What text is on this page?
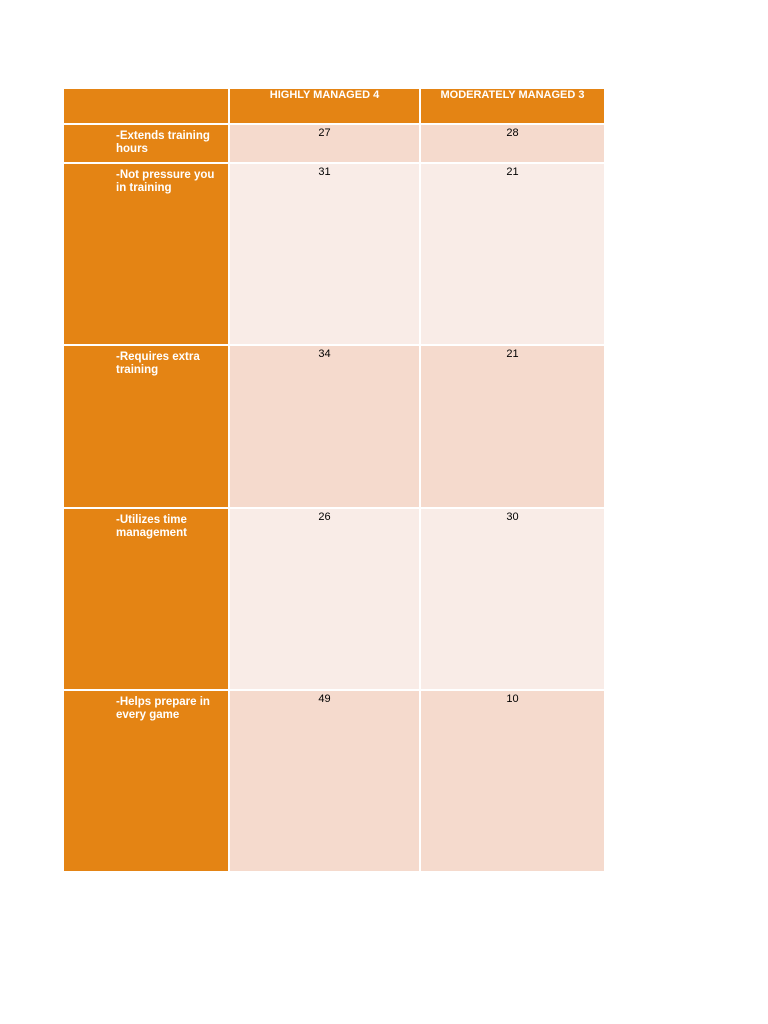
HIGHLY MANAGED 4	MODERATELY MANAGED 3
-Extends training hours
27	28
-Not pressure you in training
31	21
-Requires extra training
34	21
-Utilizes time management
26	30
-Helps prepare in every game
49	10
